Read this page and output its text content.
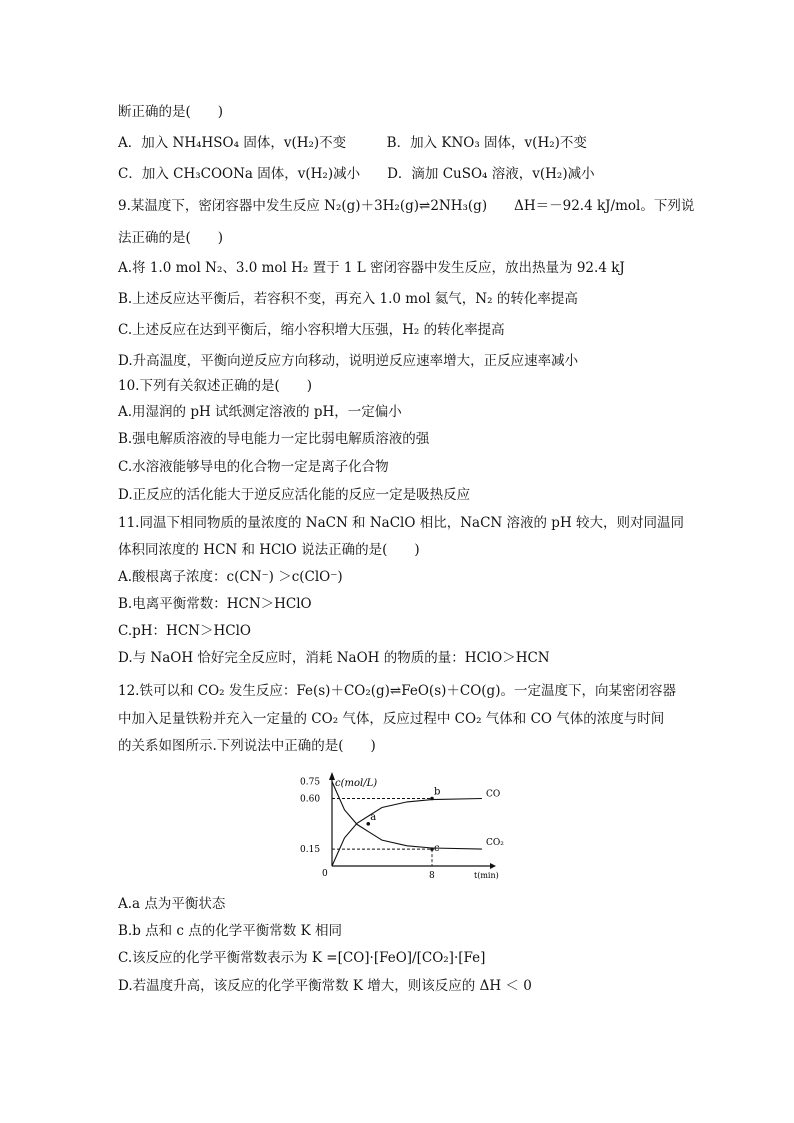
断正确的是(　　)
A．加入 NH₄HSO₄ 固体，v(H₂)不变　　　B．加入 KNO₃ 固体，v(H₂)不变
C．加入 CH₃COONa 固体，v(H₂)减小　　D．滴加 CuSO₄ 溶液，v(H₂)减小
9.某温度下，密闭容器中发生反应 N₂(g)＋3H₂(g)⇌2NH₃(g)　　ΔH＝－92.4 kJ/mol。下列说
法正确的是(　　)
A.将 1.0 mol N₂、3.0 mol H₂ 置于 1 L 密闭容器中发生反应，放出热量为 92.4 kJ
B.上述反应达平衡后，若容积不变，再充入 1.0 mol 氦气，N₂ 的转化率提高
C.上述反应在达到平衡后，缩小容积增大压强，H₂ 的转化率提高
D.升高温度，平衡向逆反应方向移动，说明逆反应速率增大，正反应速率减小
10.下列有关叙述正确的是(　　)
A.用湿润的 pH 试纸测定溶液的 pH，一定偏小
B.强电解质溶液的导电能力一定比弱电解质溶液的强
C.水溶液能够导电的化合物一定是离子化合物
D.正反应的活化能大于逆反应活化能的反应一定是吸热反应
11.同温下相同物质的量浓度的 NaCN 和 NaClO 相比，NaCN 溶液的 pH 较大，则对同温同
体积同浓度的 HCN 和 HClO 说法正确的是(　　)
A.酸根离子浓度：c(CN⁻) ＞c(ClO⁻)
B.电离平衡常数：HCN＞HClO
C.pH：HCN＞HClO
D.与 NaOH 恰好完全反应时，消耗 NaOH 的物质的量：HClO＞HCN
12.铁可以和 CO₂ 发生反应：Fe(s)＋CO₂(g)⇌FeO(s)＋CO(g)。一定温度下，向某密闭容器
中加入足量铁粉并充入一定量的 CO₂ 气体，反应过程中 CO₂ 气体和 CO 气体的浓度与时间
的关系如图所示.下列说法中正确的是(　　)
c(mol/L)
t(min)
0
0.75
0.60
0.15
8
CO
CO₂
a
b
c
A.a 点为平衡状态
B.b 点和 c 点的化学平衡常数 K 相同
C.该反应的化学平衡常数表示为 K =[CO]·[FeO]/[CO₂]·[Fe]
D.若温度升高，该反应的化学平衡常数 K 增大，则该反应的 ΔH ＜ 0
